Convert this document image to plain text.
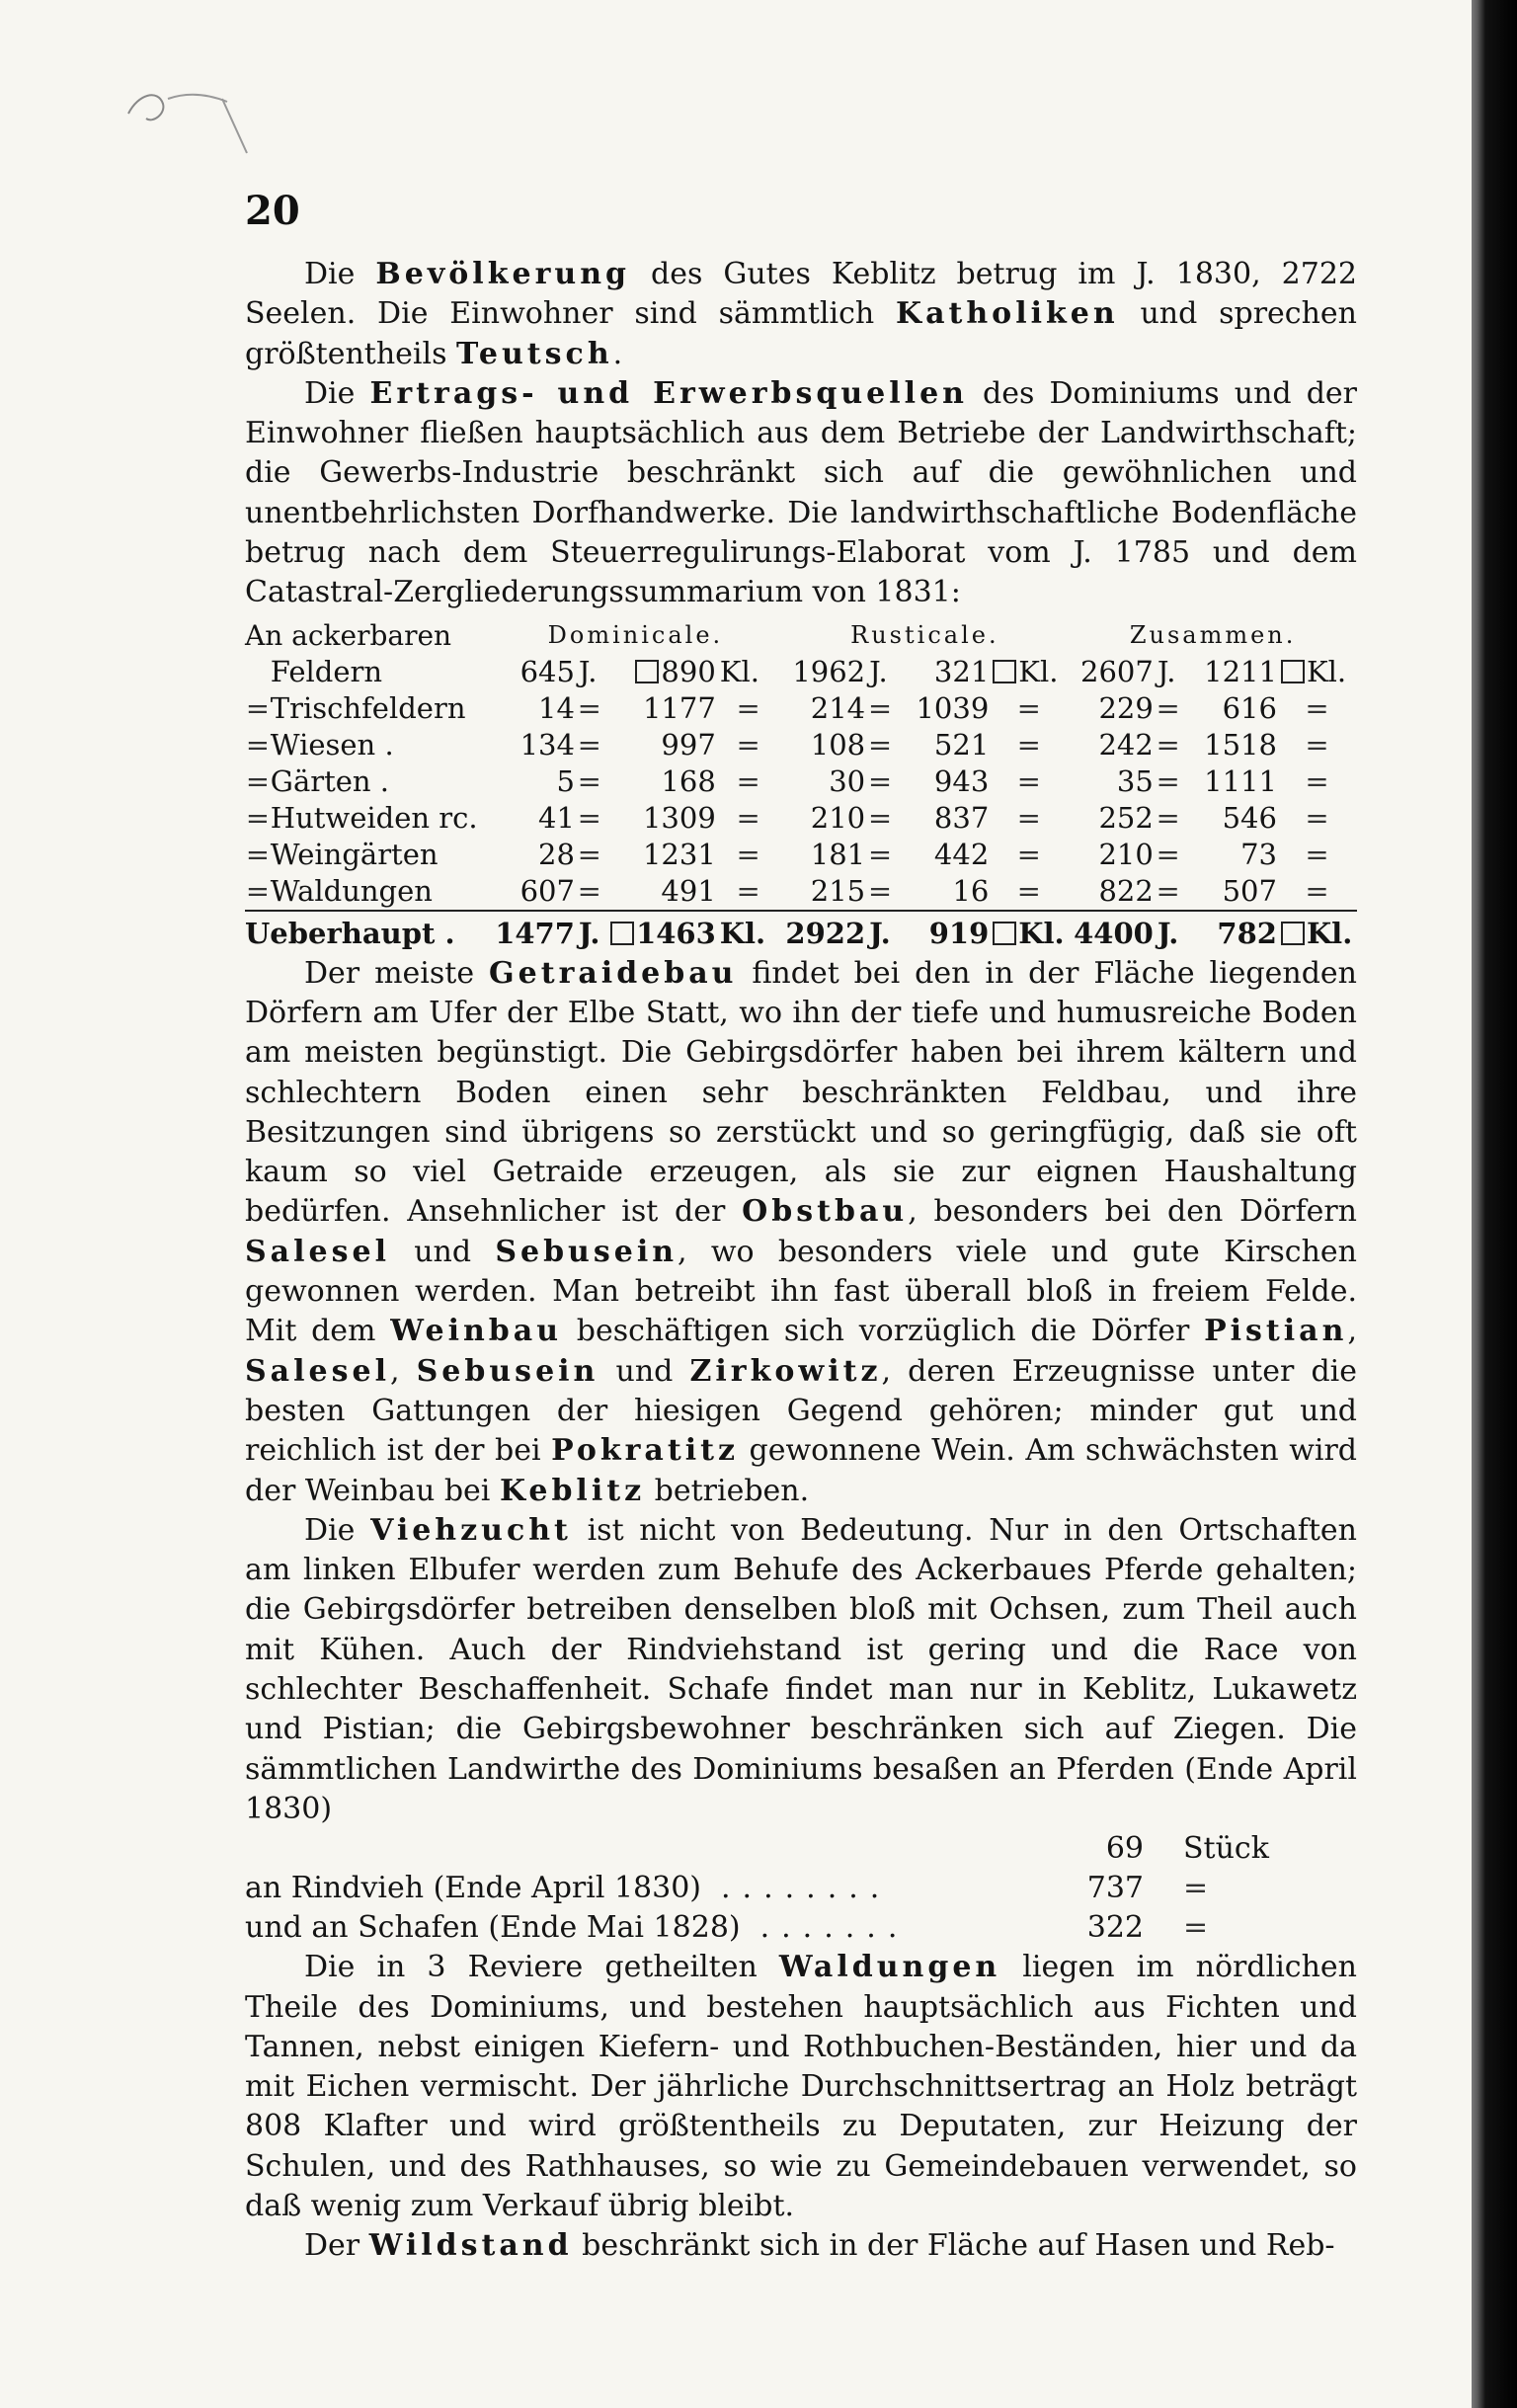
20

Die Bevölkerung des Gutes Keblitz betrug im J. 1830, 2722 Seelen. Die Einwohner sind sämmtlich Katholiken und sprechen größtentheils Teutsch.

Die Ertrags- und Erwerbsquellen des Dominiums und der Einwohner fließen hauptsächlich aus dem Betriebe der Landwirthschaft; die Gewerbs-Industrie beschränkt sich auf die gewöhnlichen und unentbehrlichsten Dorfhandwerke. Die landwirthschaftliche Bodenfläche betrug nach dem Steuerregulirungs-Elaborat vom J. 1785 und dem Catastral-Zergliederungssummarium von 1831:

An ackerbaren		Dominicale.				Rusticale.				Zusammen.			
	Feldern	645	J.	890	Kl.	1962	J.	321	Kl.	2607	J.	1211	Kl.
=	Trischfeldern	14	=	1177	=	214	=	1039	=	229	=	616	=
=	Wiesen .	134	=	997	=	108	=	521	=	242	=	1518	=
=	Gärten .	5	=	168	=	30	=	943	=	35	=	1111	=
=	Hutweiden rc.	41	=	1309	=	210	=	837	=	252	=	546	=
=	Weingärten	28	=	1231	=	181	=	442	=	210	=	73	=
=	Waldungen	607	=	491	=	215	=	16	=	822	=	507	=
Ueberhaupt .		1477	J.	1463	Kl.	2922	J.	919	Kl.	4400	J.	782	Kl.

Der meiste Getraidebau findet bei den in der Fläche liegenden Dörfern am Ufer der Elbe Statt, wo ihn der tiefe und humusreiche Boden am meisten begünstigt. Die Gebirgsdörfer haben bei ihrem kältern und schlechtern Boden einen sehr beschränkten Feldbau, und ihre Besitzungen sind übrigens so zerstückt und so geringfügig, daß sie oft kaum so viel Getraide erzeugen, als sie zur eignen Haushaltung bedürfen. Ansehnlicher ist der Obstbau, besonders bei den Dörfern Salesel und Sebusein, wo besonders viele und gute Kirschen gewonnen werden. Man betreibt ihn fast überall bloß in freiem Felde. Mit dem Weinbau beschäftigen sich vorzüglich die Dörfer Pistian, Salesel, Sebusein und Zirkowitz, deren Erzeugnisse unter die besten Gattungen der hiesigen Gegend gehören; minder gut und reichlich ist der bei Pokratitz gewonnene Wein. Am schwächsten wird der Weinbau bei Keblitz betrieben.

Die Viehzucht ist nicht von Bedeutung. Nur in den Ortschaften am linken Elbufer werden zum Behufe des Ackerbaues Pferde gehalten; die Gebirgsdörfer betreiben denselben bloß mit Ochsen, zum Theil auch mit Kühen. Auch der Rindviehstand ist gering und die Race von schlechter Beschaffenheit. Schafe findet man nur in Keblitz, Lukawetz und Pistian; die Gebirgsbewohner beschränken sich auf Ziegen. Die sämmtlichen Landwirthe des Dominiums besaßen an Pferden (Ende April 1830)

	69		Stück
an Rindvieh (Ende April 1830) ........	737		=
und an Schafen (Ende Mai 1828) .......	322		=

Die in 3 Reviere getheilten Waldungen liegen im nördlichen Theile des Dominiums, und bestehen hauptsächlich aus Fichten und Tannen, nebst einigen Kiefern- und Rothbuchen-Beständen, hier und da mit Eichen vermischt. Der jährliche Durchschnittsertrag an Holz beträgt 808 Klafter und wird größtentheils zu Deputaten, zur Heizung der Schulen, und des Rathhauses, so wie zu Gemeindebauen verwendet, so daß wenig zum Verkauf übrig bleibt.

Der Wildstand beschränkt sich in der Fläche auf Hasen und Reb-
